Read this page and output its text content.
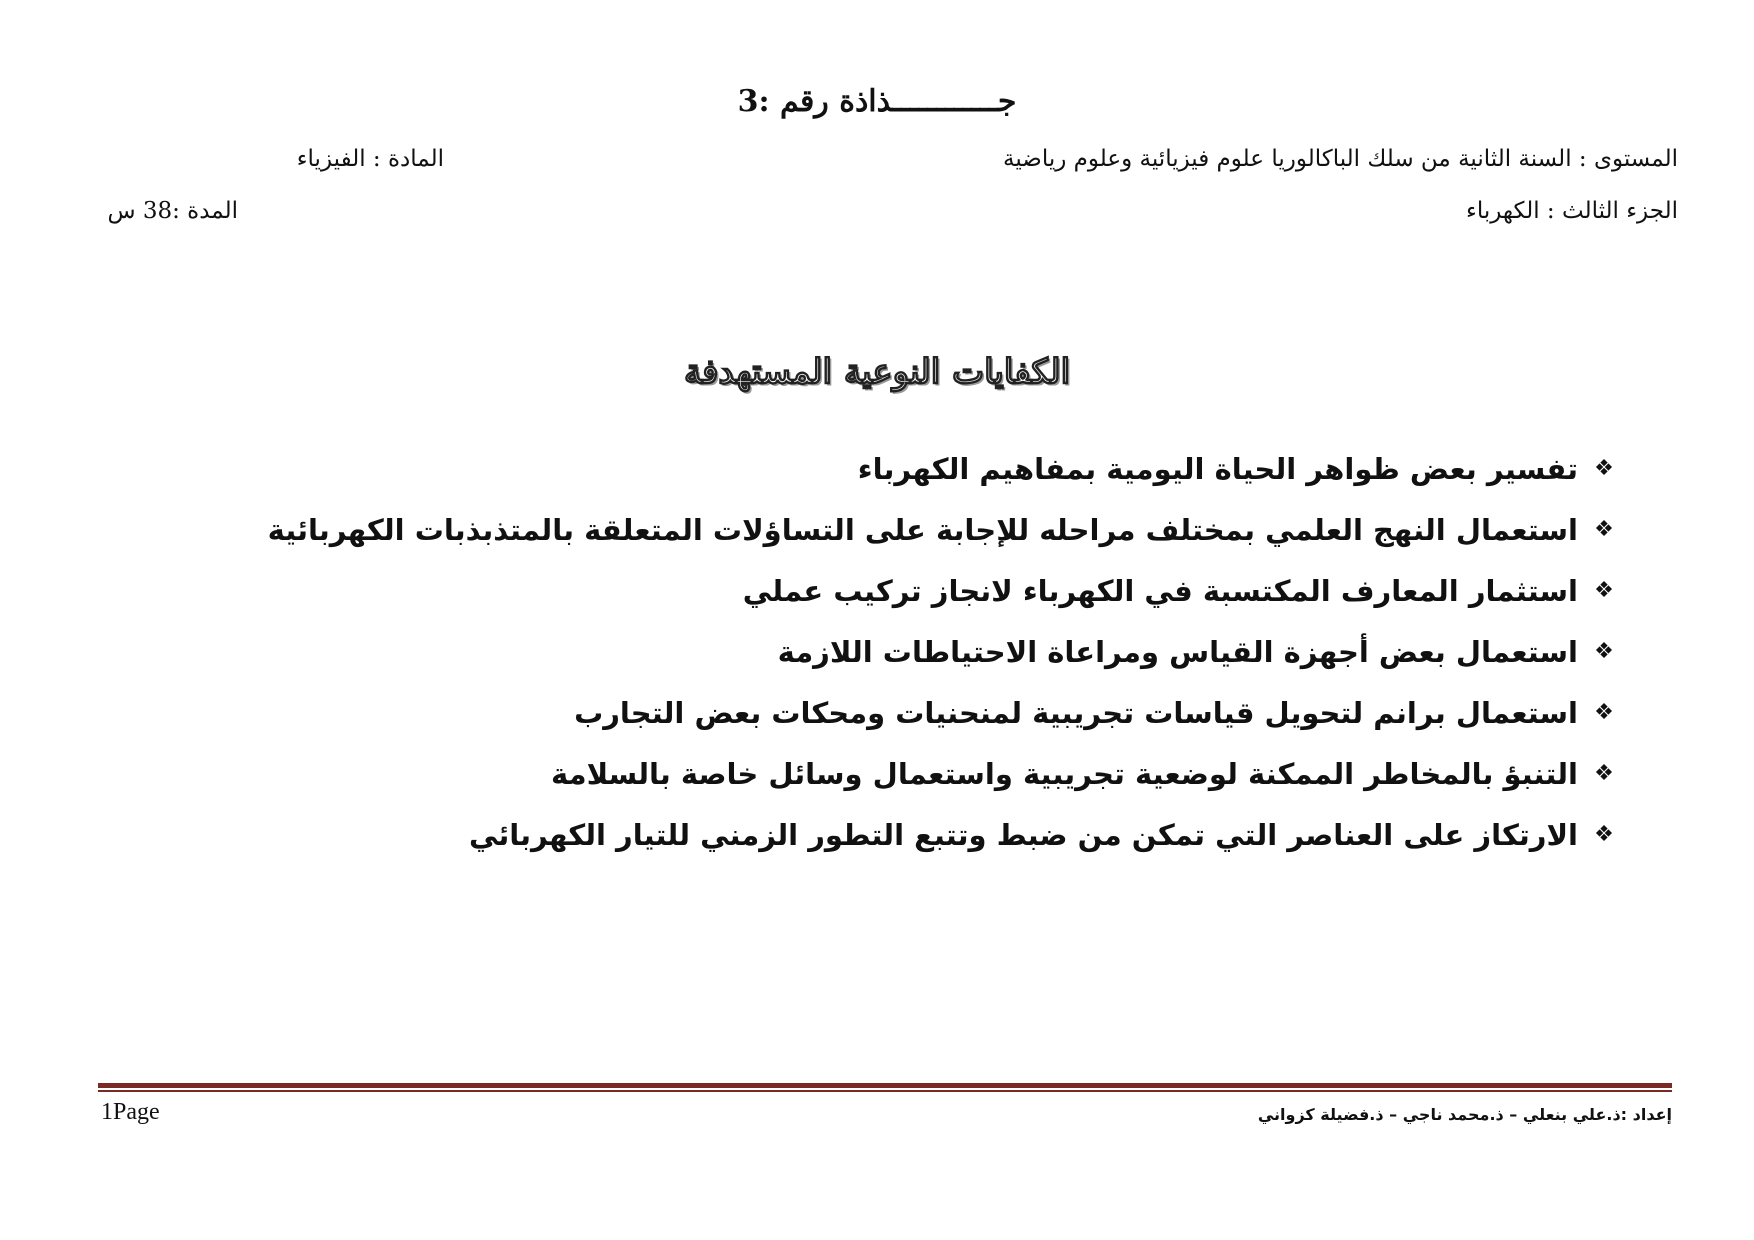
جــــــــــــذاذة رقم :3
المستوى : السنة الثانية من سلك الباكالوريا علوم فيزيائية وعلوم رياضية
المادة : الفيزياء
الجزء الثالث : الكهرباء
المدة :38 س
الكفايات النوعية المستهدفة
❖
تفسير بعض ظواهر الحياة اليومية بمفاهيم الكهرباء
❖
استعمال النهج العلمي بمختلف مراحله للإجابة على التساؤلات المتعلقة بالمتذبذبات الكهربائية
❖
استثمار المعارف المكتسبة في الكهرباء لانجاز تركيب عملي
❖
استعمال بعض أجهزة القياس ومراعاة الاحتياطات اللازمة
❖
استعمال برانم لتحويل قياسات تجريبية لمنحنيات ومحكات بعض التجارب
❖
التنبؤ بالمخاطر الممكنة لوضعية تجريبية واستعمال وسائل خاصة بالسلامة
❖
الارتكاز على العناصر التي تمكن من ضبط وتتبع التطور الزمني للتيار الكهربائي
1Page	إعداد :ذ.علي بنعلي – ذ.محمد ناجي – ذ.فضيلة كزواني
